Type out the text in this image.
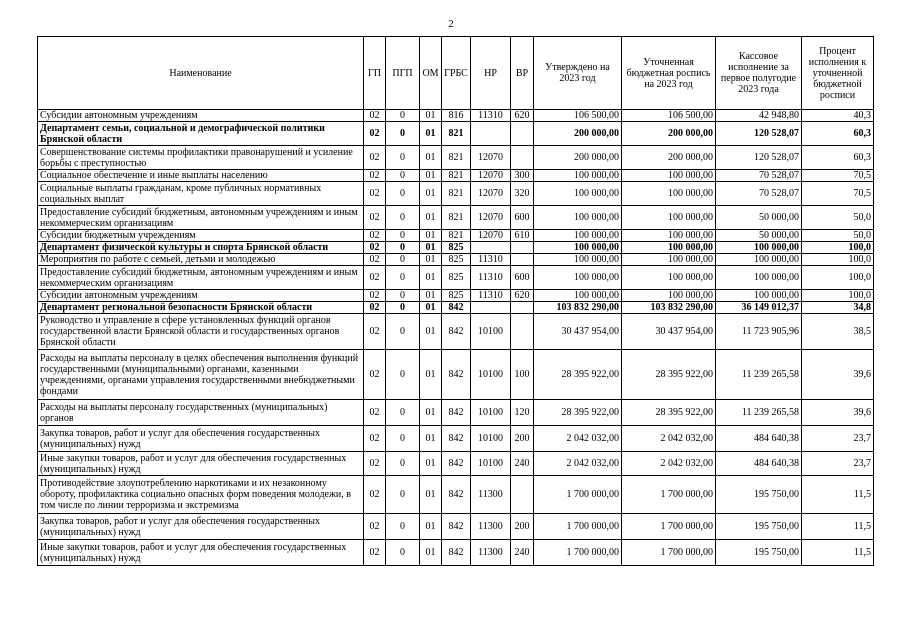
2
Наименование	ГП	ПГП	ОМ	ГРБС	НР	ВР	Утверждено на 2023 год	Уточненная бюджетная роспись на 2023 год	Кассовое исполнение за первое полугодие 2023 года	Процент исполнения к уточненной бюджетной росписи
Субсидии автономным учреждениям	02	0	01	816	11310	620	106 500,00	106 500,00	42 948,80	40,3
Департамент семьи, социальной и демографической политики Брянской области	02	0	01	821			200 000,00	200 000,00	120 528,07	60,3
Совершенствование системы профилактики правонарушений и усиление борьбы с преступностью	02	0	01	821	12070		200 000,00	200 000,00	120 528,07	60,3
Социальное обеспечение и иные выплаты населению	02	0	01	821	12070	300	100 000,00	100 000,00	70 528,07	70,5
Социальные выплаты гражданам, кроме публичных нормативных социальных выплат	02	0	01	821	12070	320	100 000,00	100 000,00	70 528,07	70,5
Предоставление субсидий бюджетным, автономным учреждениям и иным некоммерческим организациям	02	0	01	821	12070	600	100 000,00	100 000,00	50 000,00	50,0
Субсидии бюджетным учреждениям	02	0	01	821	12070	610	100 000,00	100 000,00	50 000,00	50,0
Департамент физической культуры и спорта Брянской области	02	0	01	825			100 000,00	100 000,00	100 000,00	100,0
Мероприятия по работе с семьей, детьми и молодежью	02	0	01	825	11310		100 000,00	100 000,00	100 000,00	100,0
Предоставление субсидий бюджетным, автономным учреждениям и иным некоммерческим организациям	02	0	01	825	11310	600	100 000,00	100 000,00	100 000,00	100,0
Субсидии автономным учреждениям	02	0	01	825	11310	620	100 000,00	100 000,00	100 000,00	100,0
Департамент региональной безопасности Брянской области	02	0	01	842			103 832 290,00	103 832 290,00	36 149 012,37	34,8
Руководство и управление в сфере установленных функций органов государственной власти Брянской области и государственных органов Брянской области	02	0	01	842	10100		30 437 954,00	30 437 954,00	11 723 905,96	38,5
Расходы на выплаты персоналу в целях обеспечения выполнения функций государственными (муниципальными) органами, казенными учреждениями, органами управления государственными внебюджетными фондами	02	0	01	842	10100	100	28 395 922,00	28 395 922,00	11 239 265,58	39,6
Расходы на выплаты персоналу государственных (муниципальных) органов	02	0	01	842	10100	120	28 395 922,00	28 395 922,00	11 239 265,58	39,6
Закупка товаров, работ и услуг для обеспечения государственных (муниципальных) нужд	02	0	01	842	10100	200	2 042 032,00	2 042 032,00	484 640,38	23,7
Иные закупки товаров, работ и услуг для обеспечения государственных (муниципальных) нужд	02	0	01	842	10100	240	2 042 032,00	2 042 032,00	484 640,38	23,7
Противодействие злоупотреблению наркотиками и их незаконному обороту, профилактика социально опасных форм поведения молодежи, в том числе по линии терроризма и экстремизма	02	0	01	842	11300		1 700 000,00	1 700 000,00	195 750,00	11,5
Закупка товаров, работ и услуг для обеспечения государственных (муниципальных) нужд	02	0	01	842	11300	200	1 700 000,00	1 700 000,00	195 750,00	11,5
Иные закупки товаров, работ и услуг для обеспечения государственных (муниципальных) нужд	02	0	01	842	11300	240	1 700 000,00	1 700 000,00	195 750,00	11,5
